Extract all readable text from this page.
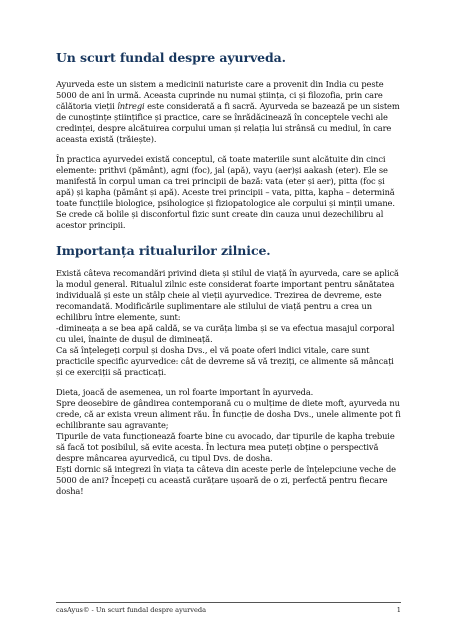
Un scurt fundal despre ayurveda.

Ayurveda este un sistem a medicinii naturiste care a provenit din India cu peste 5000 de ani în urmă. Aceasta cuprinde nu numai știința, ci și filozofia, prin care călătoria vieții întregi este considerată a fi sacră. Ayurveda se bazează pe un sistem de cunoștințe științifice și practice, care se înrădăcinează în conceptele vechi ale credinței, despre alcătuirea corpului uman și relația lui strânsă cu mediul, în care aceasta există (trăiește).

În practica ayurvedei există conceptul, că toate materiile sunt alcătuite din cinci elemente: prithvi (pământ), agni (foc), jal (apă), vayu (aer)și aakash (eter). Ele se manifestă în corpul uman ca trei principii de bază: vata (eter și aer), pitta (foc și apă) și kapha (pământ și apă). Aceste trei principii – vata, pitta, kapha – determină toate funcțiile biologice, psihologice și fiziopatologice ale corpului și minții umane. Se crede că bolile și disconfortul fizic sunt create din cauza unui dezechilibru al acestor principii.

Importanța ritualurilor zilnice.

Există câteva recomandări privind dieta și stilul de viață în ayurveda, care se aplică la modul general. Ritualul zilnic este considerat foarte important pentru sănătatea individuală și este un stâlp cheie al vieții ayurvedice. Trezirea de devreme, este recomandată. Modificările suplimentare ale stilului de viață pentru a crea un echilibru între elemente, sunt:
-dimineața a se bea apă caldă, se va curăța limba și se va efectua masajul corporal cu ulei, înainte de dușul de dimineață.
Ca să înțelegeți corpul și dosha Dvs., el vă poate oferi indici vitale, care sunt practicile specific ayurvedice: cât de devreme să vă treziți, ce alimente să mâncați și ce exerciții să practicați.

Dieta, joacă de asemenea, un rol foarte important în ayurveda.
Spre deosebire de gândirea contemporană cu o mulțime de diete moft, ayurveda nu crede, că ar exista vreun aliment rău. În funcție de dosha Dvs., unele alimente pot fi echilibrante sau agravante;
Tipurile de vata funcționează foarte bine cu avocado, dar tipurile de kapha trebuie să facă tot posibilul, să evite acesta. În lectura mea puteți obține o perspectivă despre mâncarea ayurvedică, cu tipul Dvs. de dosha.
Ești dornic să integrezi în viața ta câteva din aceste perle de înțelepciune veche de 5000 de ani? Începeți cu această curățare ușoară de o zi, perfectă pentru fiecare dosha!

casAyus© - Un scurt fundal despre ayurveda	1
